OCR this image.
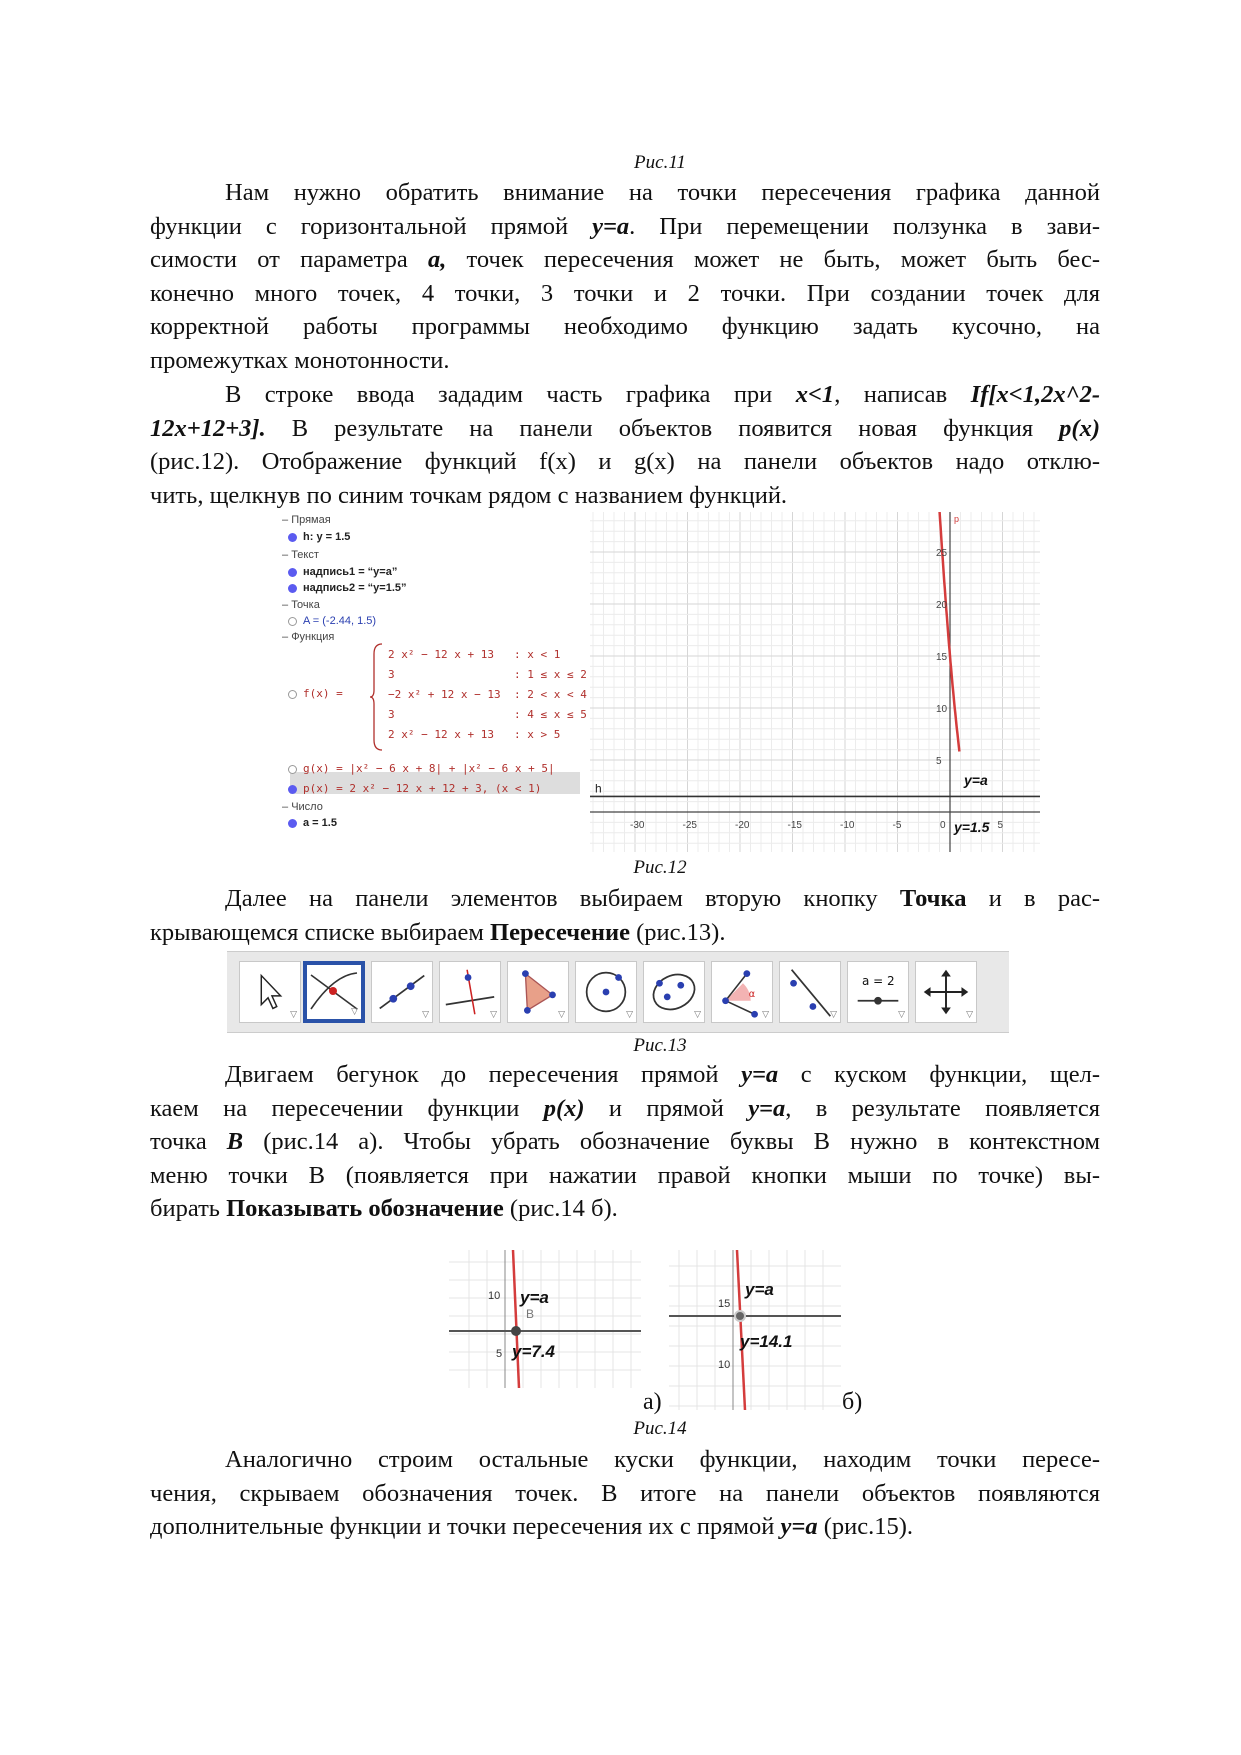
Рис.11
Нам нужно обратить внимание на точки пересечения графика данной
функции с горизонтальной прямой y=a. При перемещении ползунка в зави-
симости от параметра a, точек пересечения может не быть, может быть бес-
конечно много точек, 4 точки, 3 точки и 2 точки. При создании точек для
корректной работы программы необходимо функцию задать кусочно, на
промежутках монотонности.
В строке ввода зададим часть графика при x<1, написав If[x<1,2x^2-
12x+12+3]. В результате на панели объектов появится новая функция p(x)
(рис.12). Отображение функций f(x) и g(x) на панели объектов надо отклю-
чить, щелкнув по синим точкам рядом с названием функций.
– Прямая
h: y = 1.5
– Текст
надпись1 = “y=a”
надпись2 = “y=1.5”
– Точка
A = (-2.44, 1.5)
– Функция
f(x) =
2 x² − 12 x + 13 : x < 1
3	: 1 ≤ x ≤ 2
−2 x² + 12 x − 13 : 2 < x < 4
3	: 4 ≤ x ≤ 5
2 x² − 12 x + 13 : x > 5
g(x) = |x² − 6 x + 8| + |x² − 6 x + 5|
p(x) = 2 x² − 12 x + 12 + 3, (x < 1)
– Число
a = 1.5	-30	-25	-20	-15	-10	-5	0	5
25
20
15
10
5
h
p
y=a
y=1.5
Рис.12
Далее на панели элементов выбираем вторую кнопку Точка и в рас-
крывающемся списке выбираем Пересечение (рис.13).
▽	▽	▽	▽	▽	▽	▽
α
▽	▽
a = 2
▽	▽
Рис.13
Двигаем бегунок до пересечения прямой y=a с куском функции, щел-
каем на пересечении функции p(x) и прямой y=a, в результате появляется
точка B (рис.14 а). Чтобы убрать обозначение буквы В нужно в контекстном
меню точки В (появляется при нажатии правой кнопки мыши по точке) вы-
бирать Показывать обозначение (рис.14 б).
10
5
y=a
B
y=7.4
а)
15
10
y=a
y=14.1
б)
Рис.14
Аналогично строим остальные куски функции, находим точки пересе-
чения, скрываем обозначения точек. В итоге на панели объектов появляются
дополнительные функции и точки пересечения их с прямой y=a (рис.15).
